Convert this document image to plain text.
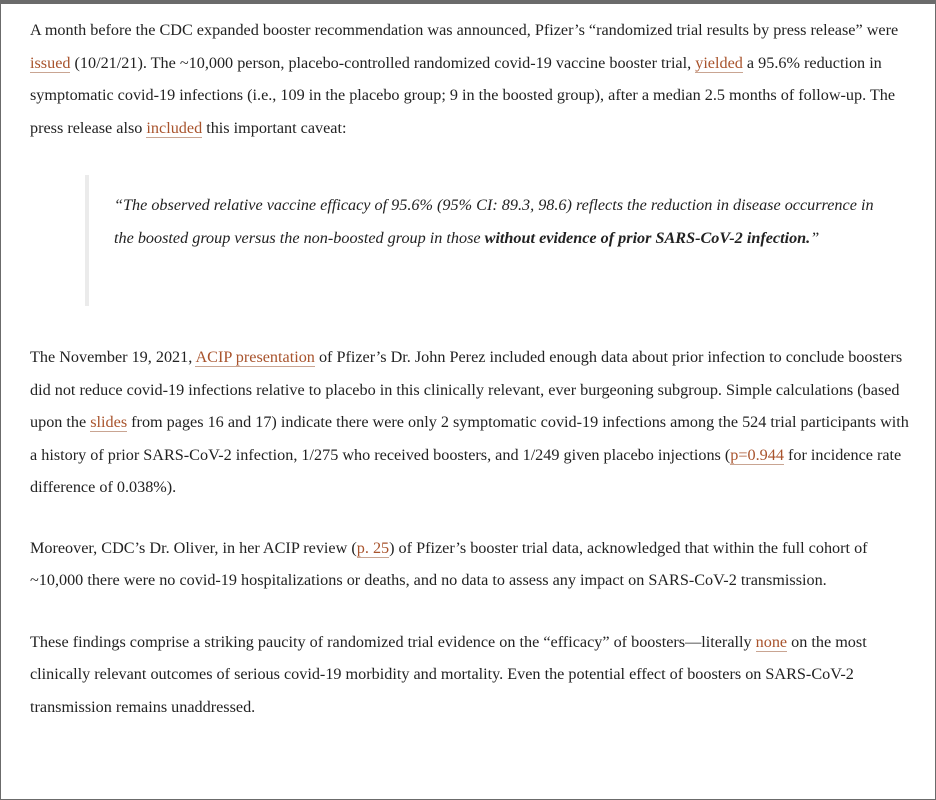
A month before the CDC expanded booster recommendation was announced, Pfizer’s “randomized trial results by press release” were issued (10/21/21). The ~10,000 person, placebo-controlled randomized covid-19 vaccine booster trial, yielded a 95.6% reduction in symptomatic covid-19 infections (i.e., 109 in the placebo group; 9 in the boosted group), after a median 2.5 months of follow-up. The press release also included this important caveat:

“The observed relative vaccine efficacy of 95.6% (95% CI: 89.3, 98.6) reflects the reduction in disease occurrence in the boosted group versus the non-boosted group in those without evidence of prior SARS-CoV-2 infection.”

The November 19, 2021, ACIP presentation of Pfizer’s Dr. John Perez included enough data about prior infection to conclude boosters did not reduce covid-19 infections relative to placebo in this clinically relevant, ever burgeoning subgroup. Simple calculations (based upon the slides from pages 16 and 17) indicate there were only 2 symptomatic covid-19 infections among the 524 trial participants with a history of prior SARS-CoV-2 infection, 1/275 who received boosters, and 1/249 given placebo injections (p=0.944 for incidence rate difference of 0.038%).

Moreover, CDC’s Dr. Oliver, in her ACIP review (p. 25) of Pfizer’s booster trial data, acknowledged that within the full cohort of ~10,000 there were no covid-19 hospitalizations or deaths, and no data to assess any impact on SARS-CoV-2 transmission.

These findings comprise a striking paucity of randomized trial evidence on the “efficacy” of boosters—literally none on the most clinically relevant outcomes of serious covid-19 morbidity and mortality. Even the potential effect of boosters on SARS-CoV-2 transmission remains unaddressed.
